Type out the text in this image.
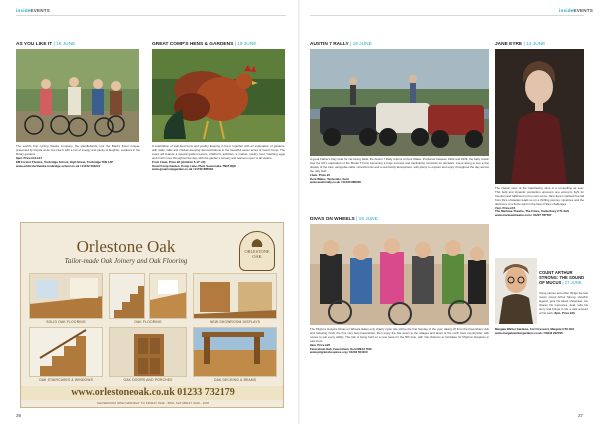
insideEVENTS
AS YOU LIKE IT | 18 JUNE
The world's first cycling theatre company, the Handlebards, tour the Bard's finest tongue, presented by bicycle at As You Like It with a mix of energy and plenty of laughter, outdoors in the library gardens.
6pm. Price £12-£17
EM Forster Theatre, Tonbridge School, High Street, Tonbridge TN9 1JP
www.emforstertheatre.tonbridge-school.co.uk / 01732 304241
GREAT COMP'S HENS & GARDENS | 18 JUNE
A celebration of well-bred hens and poultry keeping in Kent, together with an exploration of gardens, with stalls, talks and chicken-keeping demonstrations in the beautiful seven acres of Great Comp. The event will feature a special garden lecture, children's activities, a market, poultry food, hatching eggs and much more throughout the day, with the garden's nursery and tearoom open to all visitors.
From 11am. Price £8 (children 5-17: £3)
Great Comp Garden, Comp Lane, Platt, Sevenoaks TN15 8QS
www.greatcompgarden.co.uk / 01732 885094
Orlestone Oak
Tailor-made Oak Joinery and Oak Flooring

ORLESTONE
OAK
SOLID OAK FLOORING	OAK FLOORING	NEW SHOWROOM DISPLAYS
OAK STAIRCASES & WINDOWS	OAK DOORS AND PORCHES	OAK DECKING & BEAMS
www.orlestoneoak.co.uk 01233 732179
SHOWROOM OPEN MONDAY TO FRIDAY 8AM - 5PM, SATURDAY 9AM - 1PM
26
insideEVENTS
AUSTIN 7 RALLY | 19 JUNE
A great Father's Day treat for car-loving dads, the Austin 7 Rally returns to Kent Wales. Produced between 1922 and 1939, the baby Austin was the UK's equivalent of the Model T Ford, becoming a huge success and captivating motorists for decades. Come along to see a fine display of the cars, alongside stalls, refreshments and a real family atmosphere, with plenty to explore and enjoy throughout the day across the rally field.
11am. Price £5
Kent Wales, Tenterden, Kent
www.austinrally.co.uk / 01233 880000
JANE EYRE | 14 JUNE
The classic story of the trail-blazing Jane is a compelling as ever. This bold and dynamic production uncovers one woman's fight for freedom and fulfilment on her own terms. Jane Eyre's spirited free fall from life's obstacles leads us on a thrilling journey, injustices and the discovery of a fierce spirit in the face of life's challenges.
7pm. Price £15
The Marlowe Theatre, The Friars, Canterbury CT1 2AS
www.marlowetheatre.com / 01227 787787
DIVAS ON WHEELS | 18 JUNE
The Pilgrims Hospice Divas on Wheels ladies-only charity cycle ride will be the first Sunday of the year, taking off from the Faversham Hub and following Craft; the firm very best Faversham, then enjoy the ride down to the villages and lanes of the north Kent countryside, with routes to suit every ability. The ride is being held on a new route for the fifth time, with ride chances to fundraise for Pilgrims Hospices in east Kent.
9am. Price £25
Faversham Hub, Faversham, Kent ME13 7DB
www.pilgrimshospices.org / 01233 504100
COUNT ARTHUR STRONG: THE SOUND OF MUCUS | 27 JUNE
Using stories and other things the last resort, Count Arthur Strong, showbiz legend, gets his latest showcase. He shares his memories, deal, tells his story and brings to life a vast amount of his work. 8pm. Price £20
Margate Winter Gardens, Fort Crescent, Margate CT9 1HX
www.margatewintergardens.co.uk / 01843 292795
27
